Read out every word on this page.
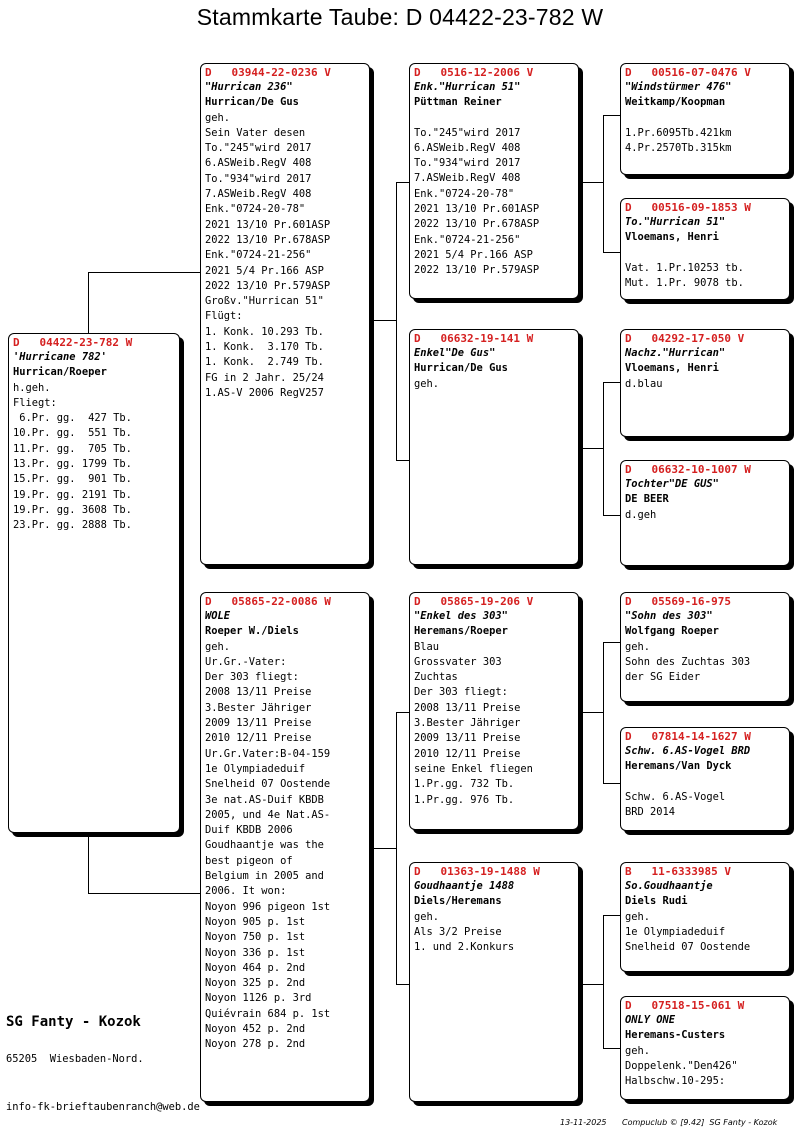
Stammkarte Taube: D 04422-23-782 W
D   04422-23-782 W
'Hurricane 782'
Hurrican/Roeper
h.geh.
Fliegt:
6.Pr. gg.  427 Tb.
10.Pr. gg.  551 Tb.
11.Pr. gg.  705 Tb.
13.Pr. gg. 1799 Tb.
15.Pr. gg.  901 Tb.
19.Pr. gg. 2191 Tb.
19.Pr. gg. 3608 Tb.
23.Pr. gg. 2888 Tb.
D   03944-22-0236 V
"Hurrican 236"
Hurrican/De Gus
geh.
Sein Vater desen
To."245"wird 2017
6.ASWeib.RegV 408
To."934"wird 2017
7.ASWeib.RegV 408
Enk."0724-20-78"
2021 13/10 Pr.601ASP
2022 13/10 Pr.678ASP
Enk."0724-21-256"
2021 5/4 Pr.166 ASP
2022 13/10 Pr.579ASP
Großv."Hurrican 51"
Flügt:
1. Konk. 10.293 Tb.
1. Konk.  3.170 Tb.
1. Konk.  2.749 Tb.
FG in 2 Jahr. 25/24
1.AS-V 2006 RegV257
D   05865-22-0086 W
WOLE
Roeper W./Diels
geh.
Ur.Gr.-Vater:
Der 303 fliegt:
2008 13/11 Preise
3.Bester Jähriger
2009 13/11 Preise
2010 12/11 Preise
Ur.Gr.Vater:B-04-159
1e Olympiadeduif
Snelheid 07 Oostende
3e nat.AS-Duif KBDB
2005, und 4e Nat.AS-
Duif KBDB 2006
Goudhaantje was the
best pigeon of
Belgium in 2005 and
2006. It won:
Noyon 996 pigeon 1st
Noyon 905 p. 1st
Noyon 750 p. 1st
Noyon 336 p. 1st
Noyon 464 p. 2nd
Noyon 325 p. 2nd
Noyon 1126 p. 3rd
Quiévrain 684 p. 1st
Noyon 452 p. 2nd
Noyon 278 p. 2nd
D   0516-12-2006 V
Enk."Hurrican 51"
Püttman Reiner
To."245"wird 2017
6.ASWeib.RegV 408
To."934"wird 2017
7.ASWeib.RegV 408
Enk."0724-20-78"
2021 13/10 Pr.601ASP
2022 13/10 Pr.678ASP
Enk."0724-21-256"
2021 5/4 Pr.166 ASP
2022 13/10 Pr.579ASP
D   06632-19-141 W
Enkel"De Gus"
Hurrican/De Gus
geh.
D   05865-19-206 V
"Enkel des 303"
Heremans/Roeper
Blau
Grossvater 303
Zuchtas
Der 303 fliegt:
2008 13/11 Preise
3.Bester Jähriger
2009 13/11 Preise
2010 12/11 Preise
seine Enkel fliegen
1.Pr.gg. 732 Tb.
1.Pr.gg. 976 Tb.
D   01363-19-1488 W
Goudhaantje 1488
Diels/Heremans
geh.
Als 3/2 Preise
1. und 2.Konkurs
D   00516-07-0476 V
"Windstürmer 476"
Weitkamp/Koopman
1.Pr.6095Tb.421km
4.Pr.2570Tb.315km
D   00516-09-1853 W
To."Hurrican 51"
Vloemans, Henri
Vat. 1.Pr.10253 tb.
Mut. 1.Pr. 9078 tb.
D   04292-17-050 V
Nachz."Hurrican"
Vloemans, Henri
d.blau
D   06632-10-1007 W
Tochter"DE GUS"
DE BEER
d.geh
D   05569-16-975
"Sohn des 303"
Wolfgang Roeper
geh.
Sohn des Zuchtas 303
der SG Eider
D   07814-14-1627 W
Schw. 6.AS-Vogel BRD
Heremans/Van Dyck
Schw. 6.AS-Vogel
BRD 2014
B   11-6333985 V
So.Goudhaantje
Diels Rudi
geh.
1e Olympiadeduif
Snelheid 07 Oostende
D   07518-15-061 W
ONLY ONE
Heremans-Custers
geh.
Doppelenk."Den426"
Halbschw.10-295:
SG Fanty - Kozok
65205  Wiesbaden-Nord.
info-fk-brieftaubenranch@web.de
13-11-2025 Compuclub © [9.42]  SG Fanty - Kozok
